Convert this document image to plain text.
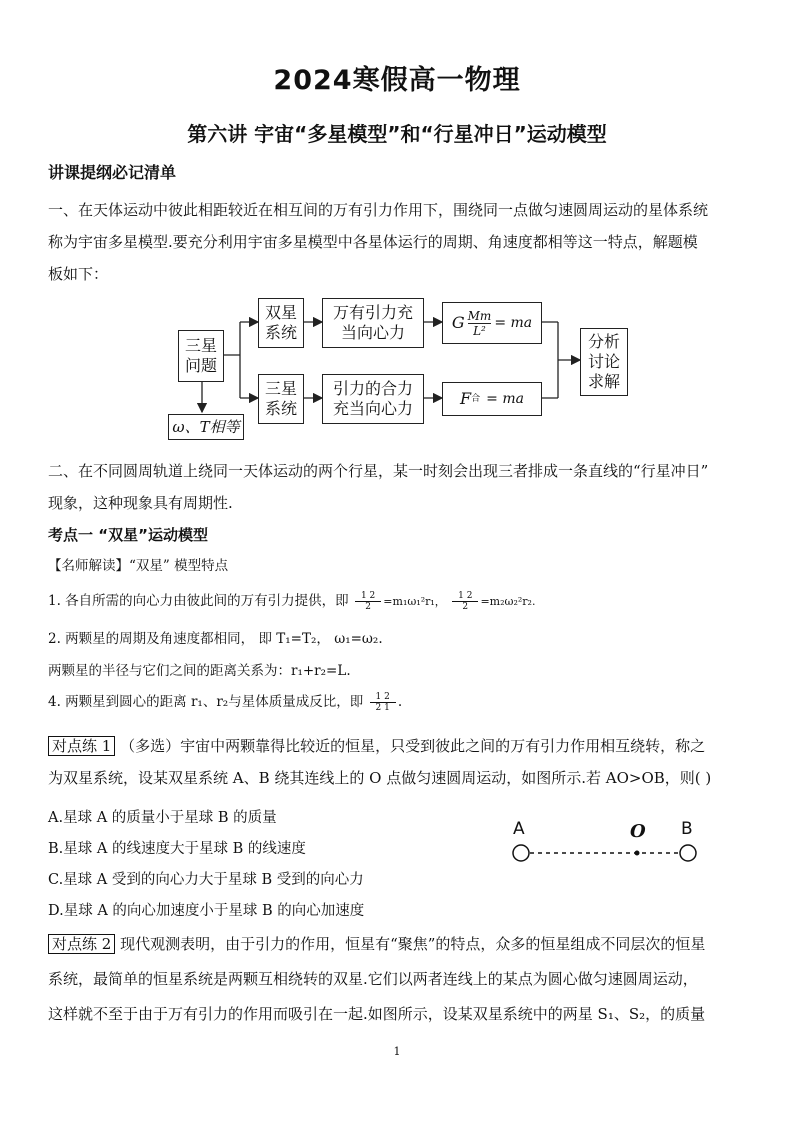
2024寒假高一物理
第六讲 宇宙“多星模型”和“行星冲日”运动模型
讲课提纲必记清单
一、在天体运动中彼此相距较近在相互间的万有引力作用下，围绕同一点做匀速圆周运动的星体系统
称为宇宙多星模型.要充分利用宇宙多星模型中各星体运行的周期、角速度都相等这一特点，解题模
板如下：
三星
问题
ω、T相等
双星
系统
三星
系统
万有引力充
当向心力
引力的合力
充当向心力
G $\frac{Mm}{\text{L²}}$ = ma
F 合 = ma
分析
讨论
求解
二、在不同圆周轨道上绕同一天体运动的两个行星，某一时刻会出现三者排成一条直线的“行星冲日”
现象，这种现象具有周期性.
考点一 “双星”运动模型
【名师解读】“双星” 模型特点
1. 各自所需的向心力由彼此间的万有引力提供，即 $\frac{1 2}{2} =m_1\omega_1^2r_1$， $\frac{1 2}{2} =m_2\omega_2^2r_2$.
2. 两颗星的周期及角速度都相同， 即 T₁=T₂， ω₁=ω₂.
两颗星的半径与它们之间的距离关系为：r₁+r₂=L.
4. 两颗星到圆心的距离 r₁、r₂与星体质量成反比，即 $\frac{1 2}{2 1}$ .
对点练 1 （多选）宇宙中两颗靠得比较近的恒星，只受到彼此之间的万有引力作用相互绕转，称之
为双星系统，设某双星系统 A、B 绕其连线上的 O 点做匀速圆周运动，如图所示.若 AO>OB，则( )
A.星球 A 的质量小于星球 B 的质量
B.星球 A 的线速度大于星球 B 的线速度
C.星球 A 受到的向心力大于星球 B 受到的向心力
D.星球 A 的向心加速度小于星球 B 的向心加速度
A	O B
对点练 2 现代观测表明，由于引力的作用，恒星有“聚焦”的特点，众多的恒星组成不同层次的恒星
系统，最简单的恒星系统是两颗互相绕转的双星.它们以两者连线上的某点为圆心做匀速圆周运动，
这样就不至于由于万有引力的作用而吸引在一起.如图所示，设某双星系统中的两星 S₁、S₂，的质量
1
